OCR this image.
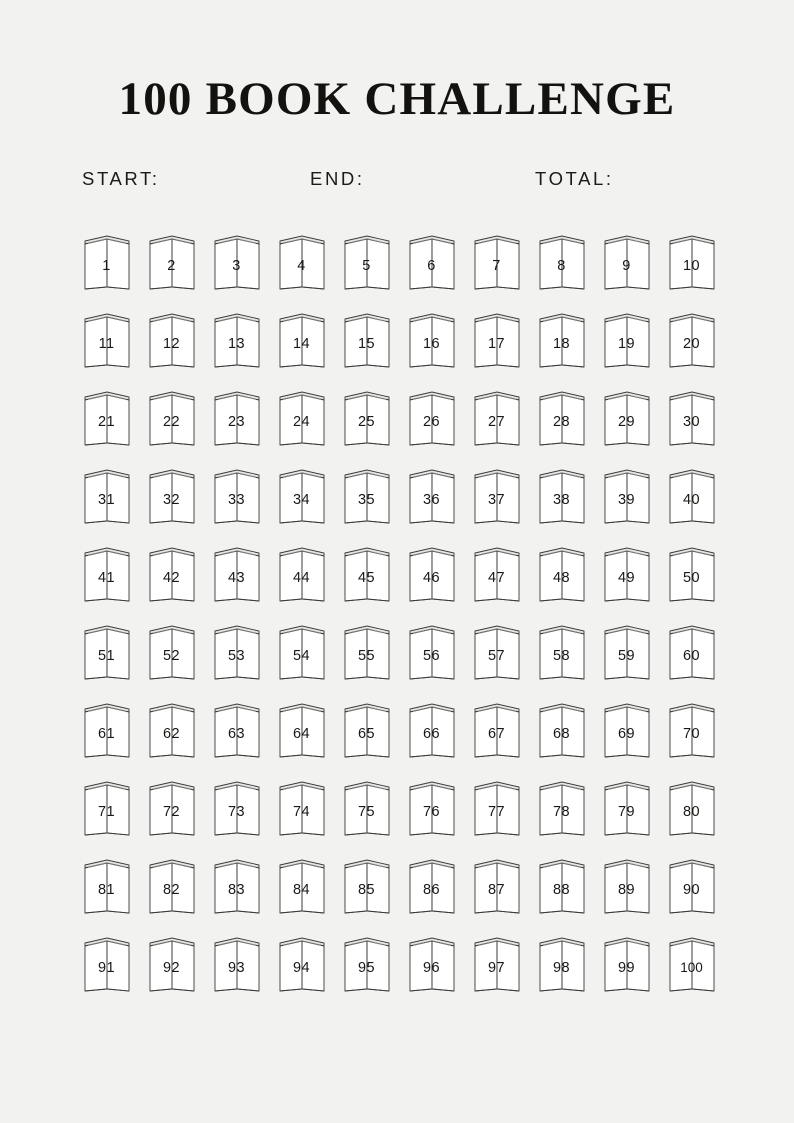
100 BOOK CHALLENGE
START:	END:	TOTAL:
1	2	3	4	5	6	7	8	9	10
11	12	13	14	15	16	17	18	19	20
21	22	23	24	25	26	27	28	29	30
31	32	33	34	35	36	37	38	39	40
41	42	43	44	45	46	47	48	49	50
51	52	53	54	55	56	57	58	59	60
61	62	63	64	65	66	67	68	69	70
71	72	73	74	75	76	77	78	79	80
81	82	83	84	85	86	87	88	89	90
91	92	93	94	95	96	97	98	99	100
